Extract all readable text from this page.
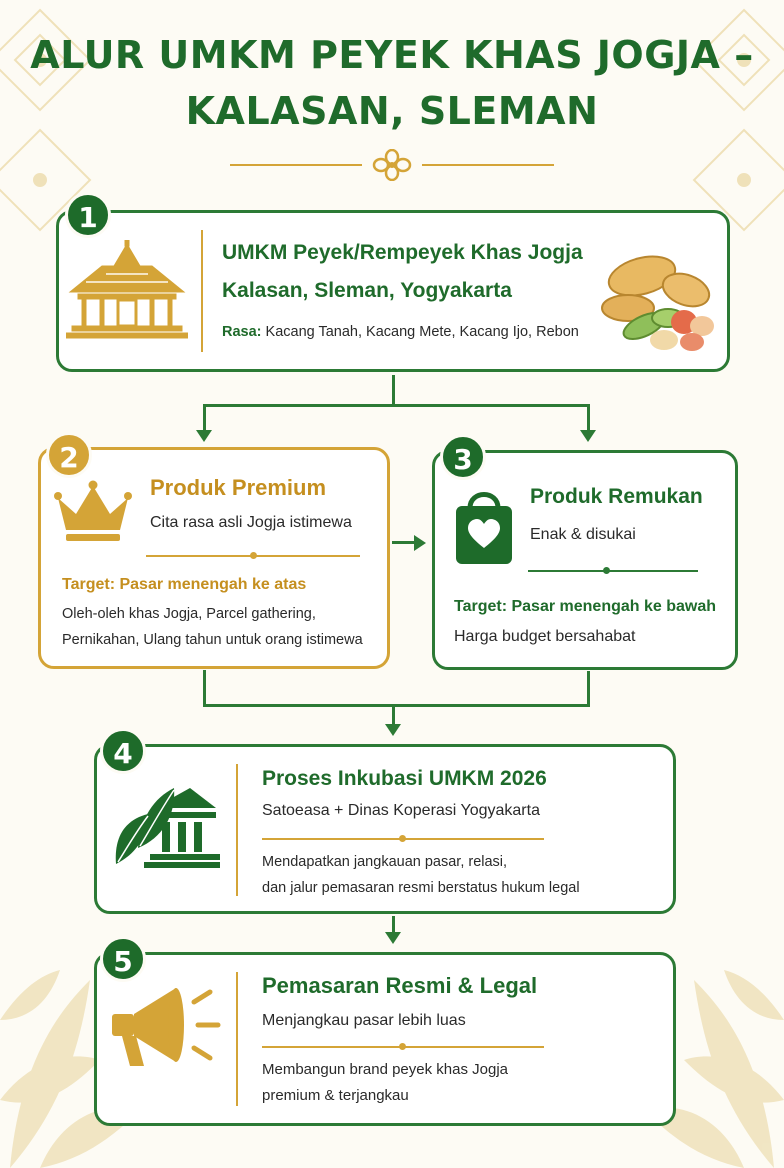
ALUR UMKM PEYEK KHAS JOGJA –
KALASAN, SLEMAN
1
UMKM Peyek/Rempeyek Khas Jogja
Kalasan, Sleman, Yogyakarta
Rasa: Kacang Tanah, Kacang Mete, Kacang Ijo, Rebon
2
Produk Premium
Cita rasa asli Jogja istimewa
Target: Pasar menengah ke atas
Oleh-oleh khas Jogja, Parcel gathering,
Pernikahan, Ulang tahun untuk orang istimewa
3
Produk Remukan
Enak & disukai
Target: Pasar menengah ke bawah
Harga budget bersahabat
4
Proses Inkubasi UMKM 2026
Satoeasa + Dinas Koperasi Yogyakarta
Mendapatkan jangkauan pasar, relasi,
dan jalur pemasaran resmi berstatus hukum legal
5
Pemasaran Resmi & Legal
Menjangkau pasar lebih luas
Membangun brand peyek khas Jogja
premium & terjangkau
